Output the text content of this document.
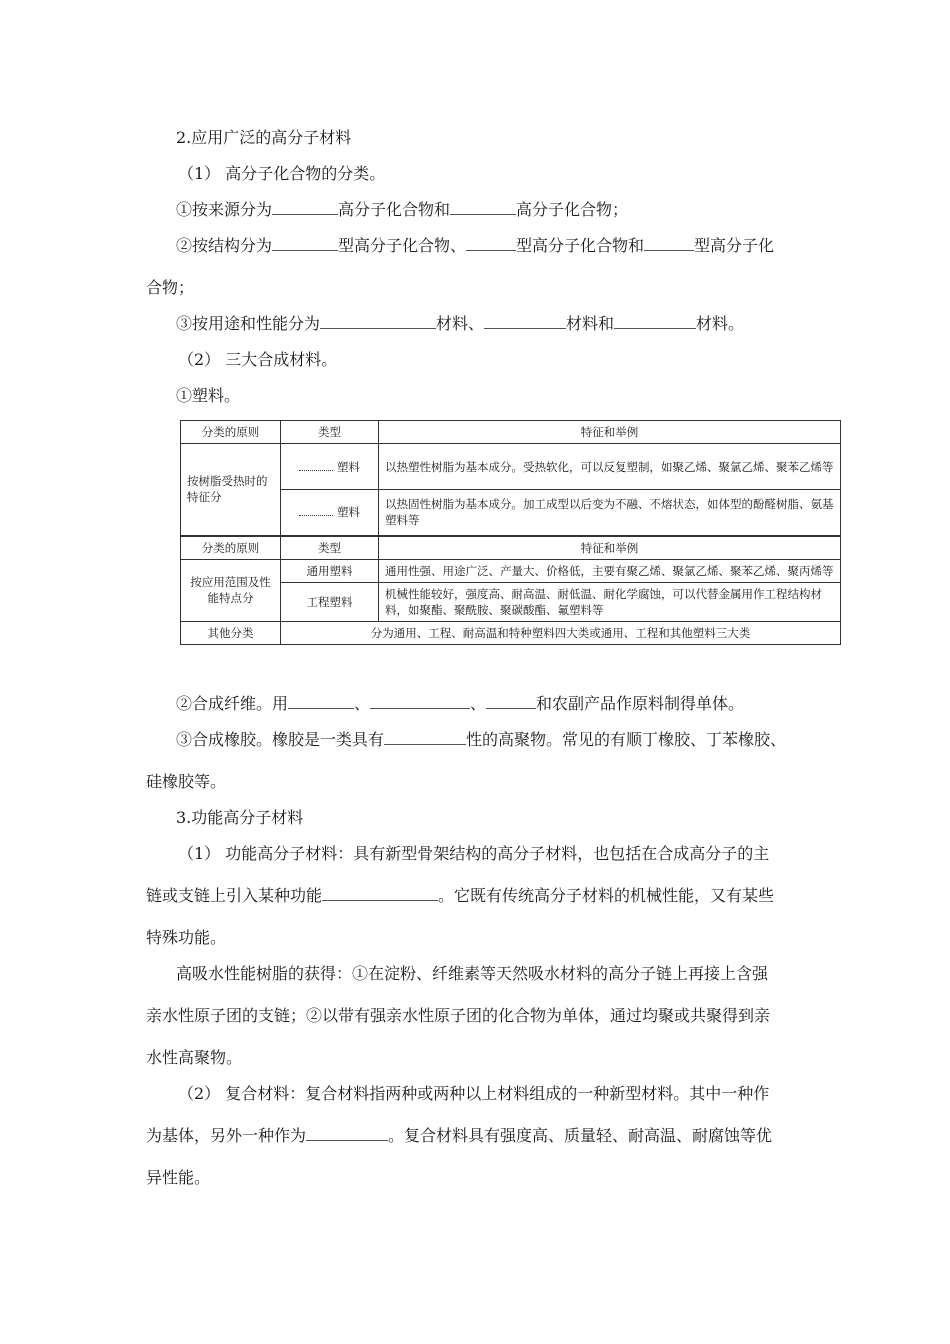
2.应用广泛的高分子材料
（1） 高分子化合物的分类。
①按来源分为	高分子化合物和	高分子化合物；
②按结构分为	型高分子化合物、	型高分子化合物和	型高分子化
合物；
③按用途和性能分为	材料、	材料和	材料。
（2） 三大合成材料。
①塑料。
分类的原则	类型	特征和举例
按树脂受热时的特征分	塑料	以热塑性树脂为基本成分。受热软化，可以反复塑制，如聚乙烯、聚氯乙烯、聚苯乙烯等
	塑料	以热固性树脂为基本成分。加工成型以后变为不融、不熔状态，如体型的酚醛树脂、氨基塑料等
分类的原则	类型	特征和举例
按应用范围及性能特点分	通用塑料	通用性强、用途广泛、产量大、价格低，主要有聚乙烯、聚氯乙烯、聚苯乙烯、聚丙烯等
	工程塑料	机械性能较好，强度高、耐高温、耐低温、耐化学腐蚀，可以代替金属用作工程结构材料，如聚酯、聚酰胺、聚碳酸酯、氟塑料等
其他分类	分为通用、工程、耐高温和特种塑料四大类或通用、工程和其他塑料三大类	
②合成纤维。用	、	、	和农副产品作原料制得单体。
③合成橡胶。橡胶是一类具有	性的高聚物。常见的有顺丁橡胶、丁苯橡胶、
硅橡胶等。
3.功能高分子材料
（1） 功能高分子材料：具有新型骨架结构的高分子材料，也包括在合成高分子的主
链或支链上引入某种功能	。它既有传统高分子材料的机械性能，又有某些
特殊功能。
高吸水性能树脂的获得：①在淀粉、纤维素等天然吸水材料的高分子链上再接上含强
亲水性原子团的支链；②以带有强亲水性原子团的化合物为单体，通过均聚或共聚得到亲
水性高聚物。
（2） 复合材料：复合材料指两种或两种以上材料组成的一种新型材料。其中一种作
为基体，另外一种作为	。复合材料具有强度高、质量轻、耐高温、耐腐蚀等优
异性能。
